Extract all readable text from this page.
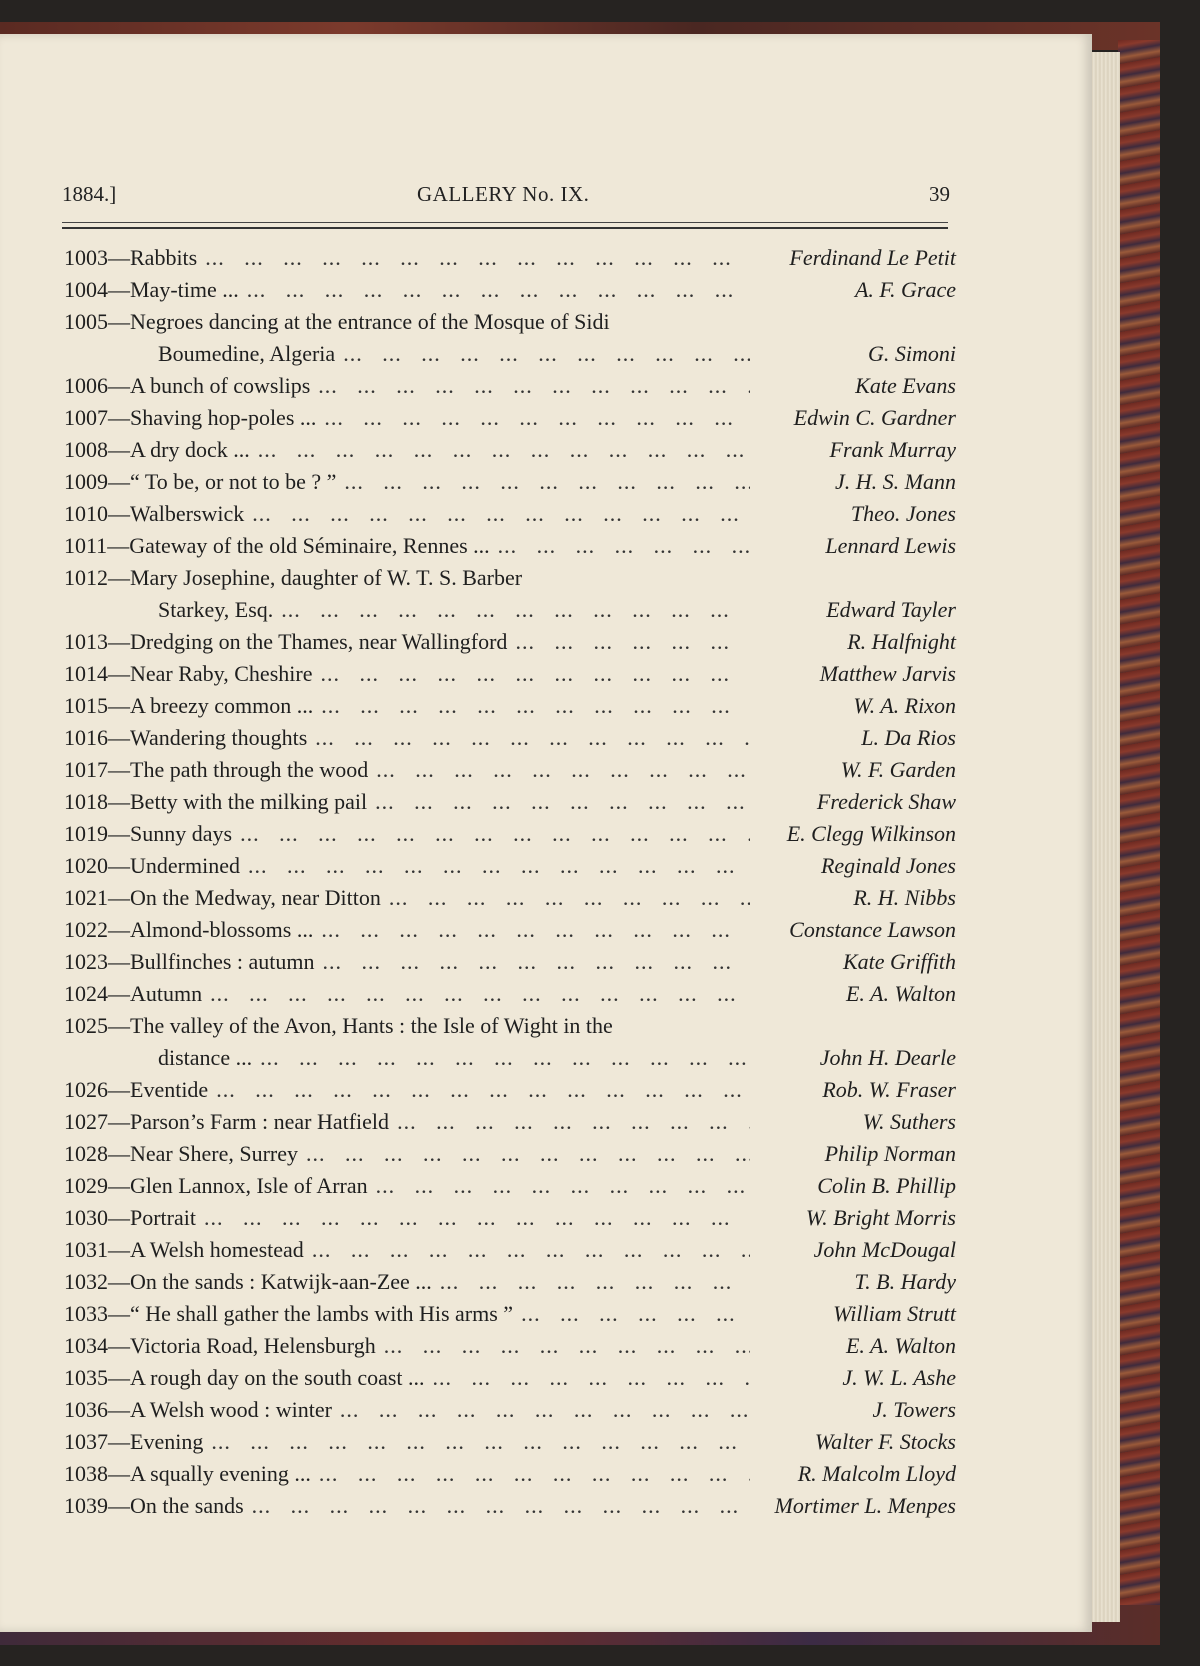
1884.]	GALLERY No. IX.	39
1003 — Rabbits ...	Ferdinand Le Petit
1004 — May-time ... ...	A. F. Grace
1005 — Negroes dancing at the entrance of the Mosque of Sidi
Boumedine, Algeria ...	G. Simoni
1006 — A bunch of cowslips ...	Kate Evans
1007 — Shaving hop-poles ... ...	Edwin C. Gardner
1008 — A dry dock ... ...	Frank Murray
1009 — “ To be, or not to be ? ” ...	J. H. S. Mann
1010 — Walberswick ...	Theo. Jones
1011 — Gateway of the old Séminaire, Rennes ... ...	Lennard Lewis
1012 — Mary Josephine, daughter of W. T. S. Barber
Starkey, Esq. ...	Edward Tayler
1013 — Dredging on the Thames, near Wallingford ...	R. Halfnight
1014 — Near Raby, Cheshire ...	Matthew Jarvis
1015 — A breezy common ... ...	W. A. Rixon
1016 — Wandering thoughts ...	L. Da Rios
1017 — The path through the wood ...	W. F. Garden
1018 — Betty with the milking pail ...	Frederick Shaw
1019 — Sunny days ...	E. Clegg Wilkinson
1020 — Undermined ...	Reginald Jones
1021 — On the Medway, near Ditton ...	R. H. Nibbs
1022 — Almond-blossoms ... ...	Constance Lawson
1023 — Bullfinches : autumn ...	Kate Griffith
1024 — Autumn ...	E. A. Walton
1025 — The valley of the Avon, Hants : the Isle of Wight in the
distance ... ...	John H. Dearle
1026 — Eventide ...	Rob. W. Fraser
1027 — Parson’s Farm : near Hatfield ...	W. Suthers
1028 — Near Shere, Surrey ...	Philip Norman
1029 — Glen Lannox, Isle of Arran ...	Colin B. Phillip
1030 — Portrait ...	W. Bright Morris
1031 — A Welsh homestead ...	John McDougal
1032 — On the sands : Katwijk-aan-Zee ... ...	T. B. Hardy
1033 — “ He shall gather the lambs with His arms ” ...	William Strutt
1034 — Victoria Road, Helensburgh ...	E. A. Walton
1035 — A rough day on the south coast ... ...	J. W. L. Ashe
1036 — A Welsh wood : winter ...	J. Towers
1037 — Evening ...	Walter F. Stocks
1038 — A squally evening ... ...	R. Malcolm Lloyd
1039 — On the sands ...	Mortimer L. Menpes
